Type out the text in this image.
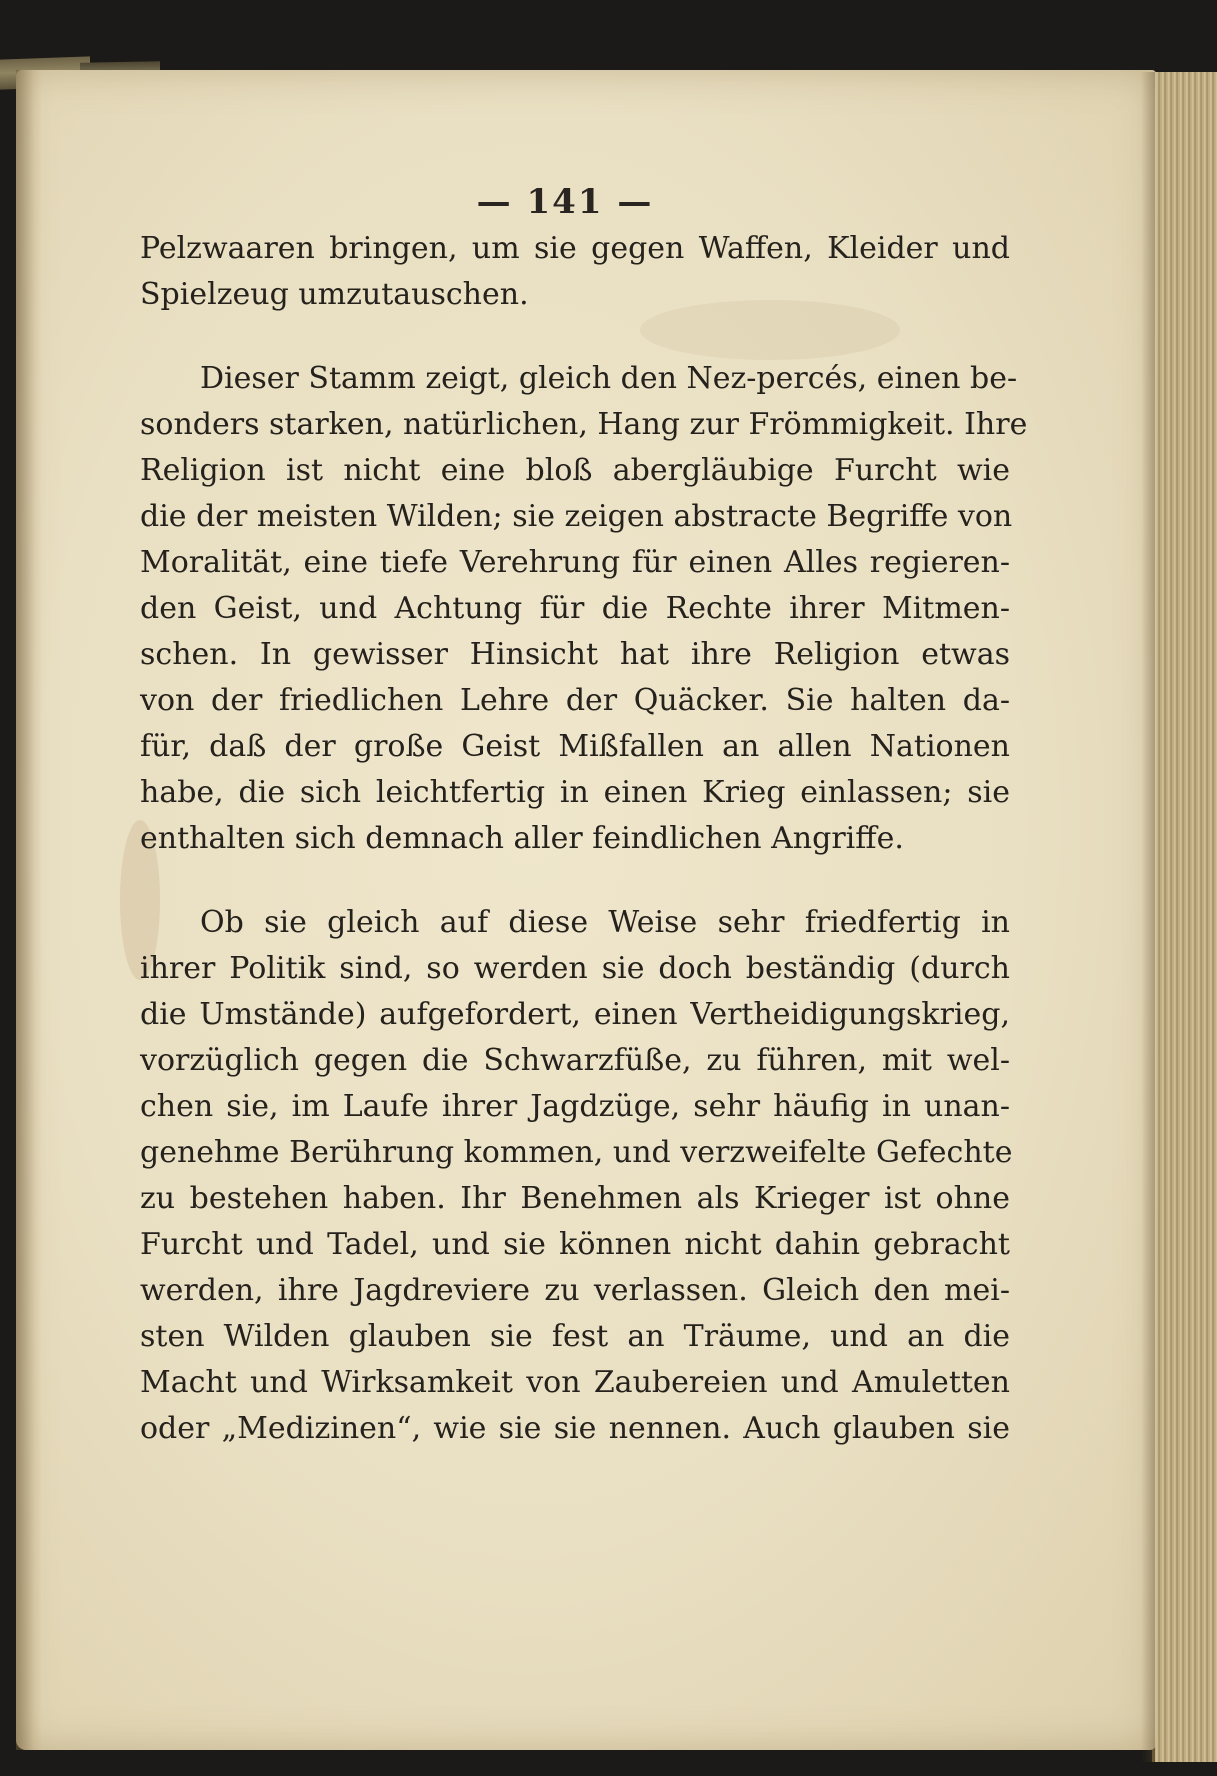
— 141 —
Pelzwaaren bringen, um sie gegen Waffen, Kleider und
Spielzeug umzutauschen.
Dieser Stamm zeigt, gleich den Nez-percés, einen be-
sonders starken, natürlichen, Hang zur Frömmigkeit. Ihre
Religion ist nicht eine bloß abergläubige Furcht wie
die der meisten Wilden; sie zeigen abstracte Begriffe von
Moralität, eine tiefe Verehrung für einen Alles regieren-
den Geist, und Achtung für die Rechte ihrer Mitmen-
schen. In gewisser Hinsicht hat ihre Religion etwas
von der friedlichen Lehre der Quäcker. Sie halten da-
für, daß der große Geist Mißfallen an allen Nationen
habe, die sich leichtfertig in einen Krieg einlassen; sie
enthalten sich demnach aller feindlichen Angriffe.
Ob sie gleich auf diese Weise sehr friedfertig in
ihrer Politik sind, so werden sie doch beständig (durch
die Umstände) aufgefordert, einen Vertheidigungskrieg,
vorzüglich gegen die Schwarzfüße, zu führen, mit wel-
chen sie, im Laufe ihrer Jagdzüge, sehr häufig in unan-
genehme Berührung kommen, und verzweifelte Gefechte
zu bestehen haben. Ihr Benehmen als Krieger ist ohne
Furcht und Tadel, und sie können nicht dahin gebracht
werden, ihre Jagdreviere zu verlassen. Gleich den mei-
sten Wilden glauben sie fest an Träume, und an die
Macht und Wirksamkeit von Zaubereien und Amuletten
oder „Medizinen“, wie sie sie nennen. Auch glauben sie
